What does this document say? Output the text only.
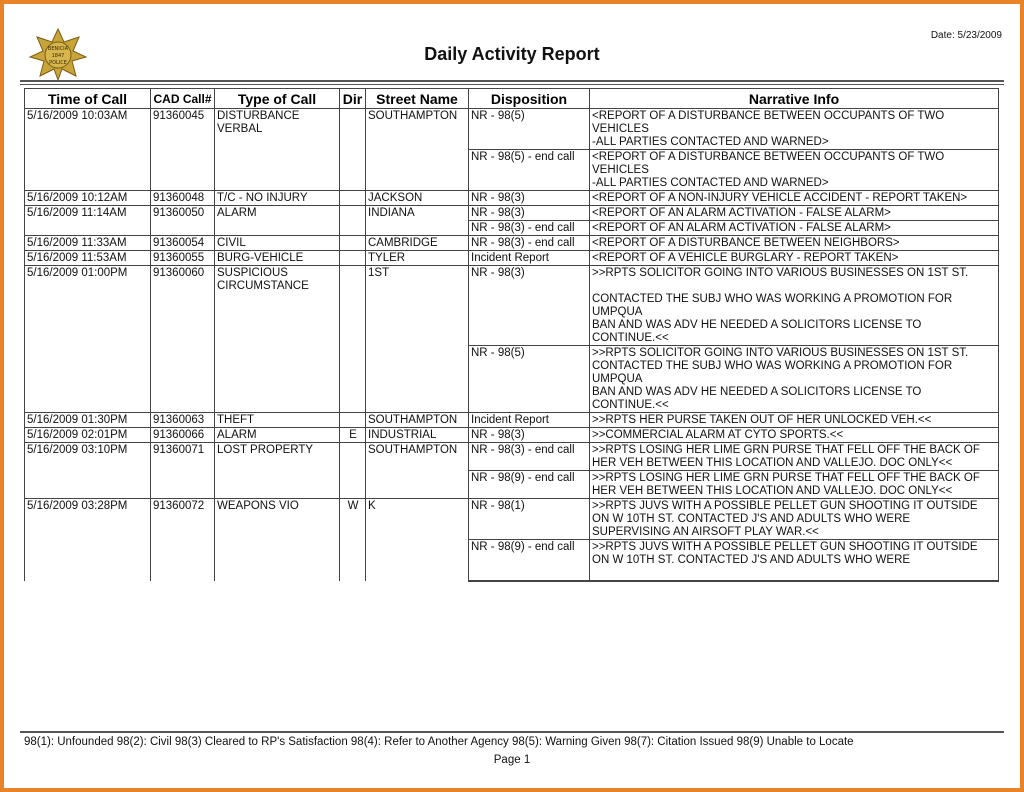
BENICIA
1847
POLICE
Date: 5/23/2009
Daily Activity Report
Time of Call	CAD Call#	Type of Call	Dir	Street Name	Disposition	Narrative Info
5/16/2009 10:03AM	91360045	DISTURBANCE VERBAL		SOUTHAMPTON	NR - 98(5)	<REPORT OF A DISTURBANCE BETWEEN OCCUPANTS OF TWO VEHICLES
-ALL PARTIES CONTACTED AND WARNED>

					NR - 98(5) - end call	<REPORT OF A DISTURBANCE BETWEEN OCCUPANTS OF TWO VEHICLES
-ALL PARTIES CONTACTED AND WARNED>

5/16/2009 10:12AM	91360048	T/C - NO INJURY		JACKSON	NR - 98(3)	<REPORT OF A NON-INJURY VEHICLE ACCIDENT - REPORT TAKEN>

5/16/2009 11:14AM	91360050	ALARM		INDIANA	NR - 98(3)	<REPORT OF AN ALARM ACTIVATION - FALSE ALARM>

					NR - 98(3) - end call	<REPORT OF AN ALARM ACTIVATION - FALSE ALARM>

5/16/2009 11:33AM	91360054	CIVIL		CAMBRIDGE	NR - 98(3) - end call	<REPORT OF A DISTURBANCE BETWEEN NEIGHBORS>

5/16/2009 11:53AM	91360055	BURG-VEHICLE		TYLER	Incident Report	<REPORT OF A VEHICLE BURGLARY - REPORT TAKEN>

5/16/2009 01:00PM	91360060	SUSPICIOUS CIRCUMSTANCE		1ST	NR - 98(3)	>>RPTS SOLICITOR GOING INTO VARIOUS BUSINESSES ON 1ST ST.

CONTACTED THE SUBJ WHO WAS WORKING A PROMOTION FOR UMPQUA
BAN AND WAS ADV HE NEEDED A SOLICITORS LICENSE TO
CONTINUE.<<

					NR - 98(5)	>>RPTS SOLICITOR GOING INTO VARIOUS BUSINESSES ON 1ST ST.
CONTACTED THE SUBJ WHO WAS WORKING A PROMOTION FOR UMPQUA
BAN AND WAS ADV HE NEEDED A SOLICITORS LICENSE TO
CONTINUE.<<

5/16/2009 01:30PM	91360063	THEFT		SOUTHAMPTON	Incident Report	>>RPTS HER PURSE TAKEN OUT OF HER UNLOCKED VEH.<<

5/16/2009 02:01PM	91360066	ALARM	E	INDUSTRIAL	NR - 98(3)	>>COMMERCIAL ALARM AT CYTO SPORTS.<<

5/16/2009 03:10PM	91360071	LOST PROPERTY		SOUTHAMPTON	NR - 98(3) - end call	>>RPTS LOSING HER LIME GRN PURSE THAT FELL OFF THE BACK OF
HER VEH BETWEEN THIS LOCATION AND VALLEJO. DOC ONLY<<

					NR - 98(9) - end call	>>RPTS LOSING HER LIME GRN PURSE THAT FELL OFF THE BACK OF
HER VEH BETWEEN THIS LOCATION AND VALLEJO. DOC ONLY<<

5/16/2009 03:28PM	91360072	WEAPONS VIO	W	K	NR - 98(1)	>>RPTS JUVS WITH A POSSIBLE PELLET GUN SHOOTING IT OUTSIDE
ON W 10TH ST. CONTACTED J'S AND ADULTS WHO WERE
SUPERVISING AN AIRSOFT PLAY WAR.<<

					NR - 98(9) - end call	>>RPTS JUVS WITH A POSSIBLE PELLET GUN SHOOTING IT OUTSIDE
ON W 10TH ST. CONTACTED J'S AND ADULTS WHO WERE

98(1): Unfounded 98(2): Civil 98(3) Cleared to RP's Satisfaction 98(4): Refer to Another Agency 98(5): Warning Given 98(7): Citation Issued 98(9) Unable to Locate
Page 1
